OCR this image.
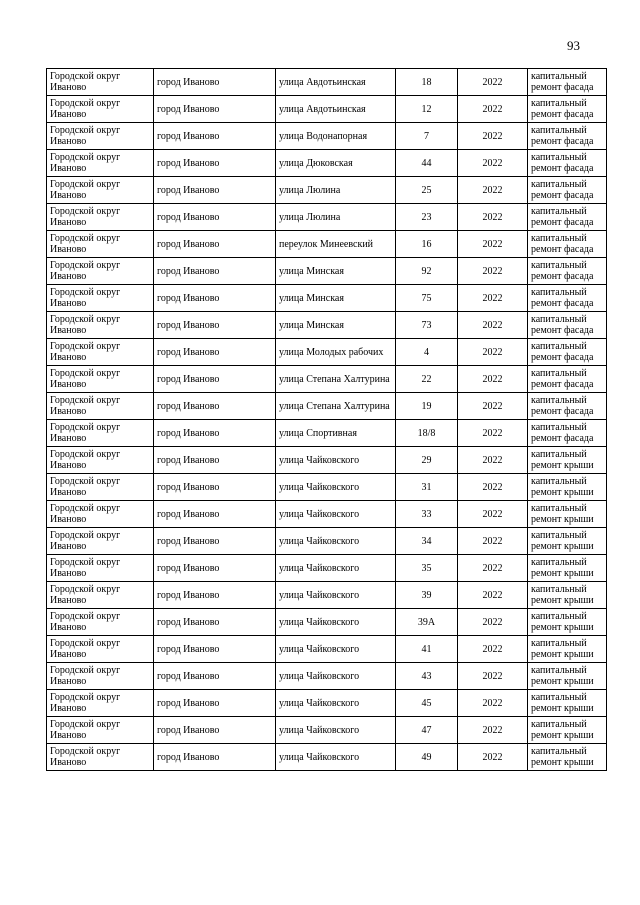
93
Городской округ Иваново	город Иваново	улица Авдотьинская	18	2022	капитальный ремонт фасада
Городской округ Иваново	город Иваново	улица Авдотьинская	12	2022	капитальный ремонт фасада
Городской округ Иваново	город Иваново	улица Водонапорная	7	2022	капитальный ремонт фасада
Городской округ Иваново	город Иваново	улица Дюковская	44	2022	капитальный ремонт фасада
Городской округ Иваново	город Иваново	улица Люлина	25	2022	капитальный ремонт фасада
Городской округ Иваново	город Иваново	улица Люлина	23	2022	капитальный ремонт фасада
Городской округ Иваново	город Иваново	переулок Минеевский	16	2022	капитальный ремонт фасада
Городской округ Иваново	город Иваново	улица Минская	92	2022	капитальный ремонт фасада
Городской округ Иваново	город Иваново	улица Минская	75	2022	капитальный ремонт фасада
Городской округ Иваново	город Иваново	улица Минская	73	2022	капитальный ремонт фасада
Городской округ Иваново	город Иваново	улица Молодых рабочих	4	2022	капитальный ремонт фасада
Городской округ Иваново	город Иваново	улица Степана Халтурина	22	2022	капитальный ремонт фасада
Городской округ Иваново	город Иваново	улица Степана Халтурина	19	2022	капитальный ремонт фасада
Городской округ Иваново	город Иваново	улица Спортивная	18/8	2022	капитальный ремонт фасада
Городской округ Иваново	город Иваново	улица Чайковского	29	2022	капитальный ремонт крыши
Городской округ Иваново	город Иваново	улица Чайковского	31	2022	капитальный ремонт крыши
Городской округ Иваново	город Иваново	улица Чайковского	33	2022	капитальный ремонт крыши
Городской округ Иваново	город Иваново	улица Чайковского	34	2022	капитальный ремонт крыши
Городской округ Иваново	город Иваново	улица Чайковского	35	2022	капитальный ремонт крыши
Городской округ Иваново	город Иваново	улица Чайковского	39	2022	капитальный ремонт крыши
Городской округ Иваново	город Иваново	улица Чайковского	39А	2022	капитальный ремонт крыши
Городской округ Иваново	город Иваново	улица Чайковского	41	2022	капитальный ремонт крыши
Городской округ Иваново	город Иваново	улица Чайковского	43	2022	капитальный ремонт крыши
Городской округ Иваново	город Иваново	улица Чайковского	45	2022	капитальный ремонт крыши
Городской округ Иваново	город Иваново	улица Чайковского	47	2022	капитальный ремонт крыши
Городской округ Иваново	город Иваново	улица Чайковского	49	2022	капитальный ремонт крыши
